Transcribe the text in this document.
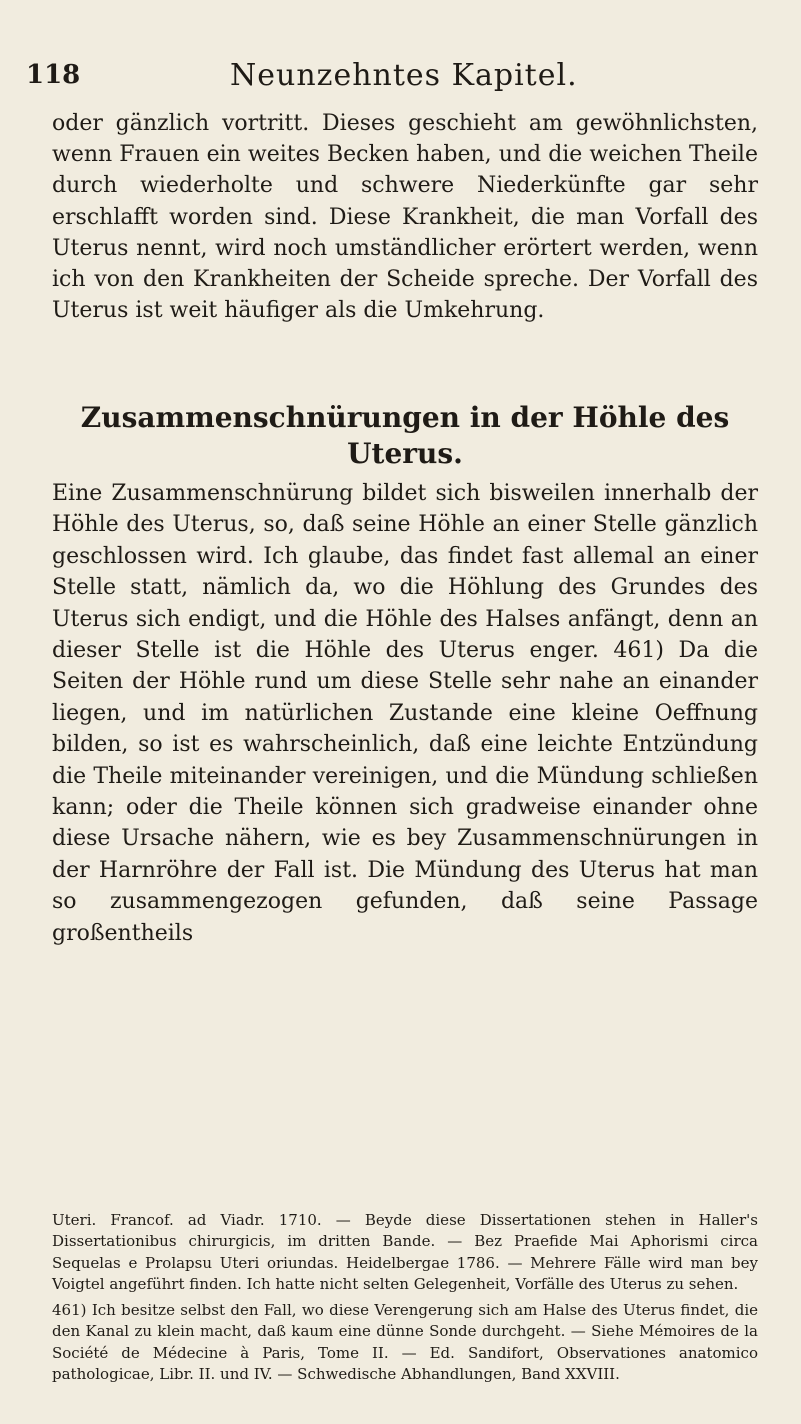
118	Neunzehntes Kapitel.

oder gänzlich vortritt. Dieses geschieht am gewöhnlichsten, wenn Frauen ein weites Becken haben, und die weichen Theile durch wiederholte und schwere Niederkünfte gar sehr erschlafft worden sind. Diese Krankheit, die man Vorfall des Uterus nennt, wird noch umständlicher erörtert werden, wenn ich von den Krankheiten der Scheide spreche. Der Vorfall des Uterus ist weit häufiger als die Umkehrung.

Zusammenschnürungen in der Höhle des Uterus.

Eine Zusammenschnürung bildet sich bisweilen innerhalb der Höhle des Uterus, so, daß seine Höhle an einer Stelle gänzlich geschlossen wird. Ich glaube, das findet fast allemal an einer Stelle statt, nämlich da, wo die Höhlung des Grundes des Uterus sich endigt, und die Höhle des Halses anfängt, denn an dieser Stelle ist die Höhle des Uterus enger. 461) Da die Seiten der Höhle rund um diese Stelle sehr nahe an einander liegen, und im natürlichen Zustande eine kleine Oeffnung bilden, so ist es wahrscheinlich, daß eine leichte Entzündung die Theile miteinander vereinigen, und die Mündung schließen kann; oder die Theile können sich gradweise einander ohne diese Ursache nähern, wie es bey Zusammenschnürungen in der Harnröhre der Fall ist. Die Mündung des Uterus hat man so zusammengezogen gefunden, daß seine Passage großentheils

Uteri. Francof. ad Viadr. 1710. — Beyde diese Dissertationen stehen in Haller's Dissertationibus chirurgicis, im dritten Bande. — Bez Praefide Mai Aphorismi circa Sequelas e Prolapsu Uteri oriundas. Heidelbergae 1786. — Mehrere Fälle wird man bey Voigtel angeführt finden. Ich hatte nicht selten Gelegenheit, Vorfälle des Uterus zu sehen.

461) Ich besitze selbst den Fall, wo diese Verengerung sich am Halse des Uterus findet, die den Kanal zu klein macht, daß kaum eine dünne Sonde durchgeht. — Siehe Mémoires de la Société de Médecine à Paris, Tome II. — Ed. Sandifort, Observationes anatomico pathologicae, Libr. II. und IV. — Schwedische Abhandlungen, Band XXVIII.
